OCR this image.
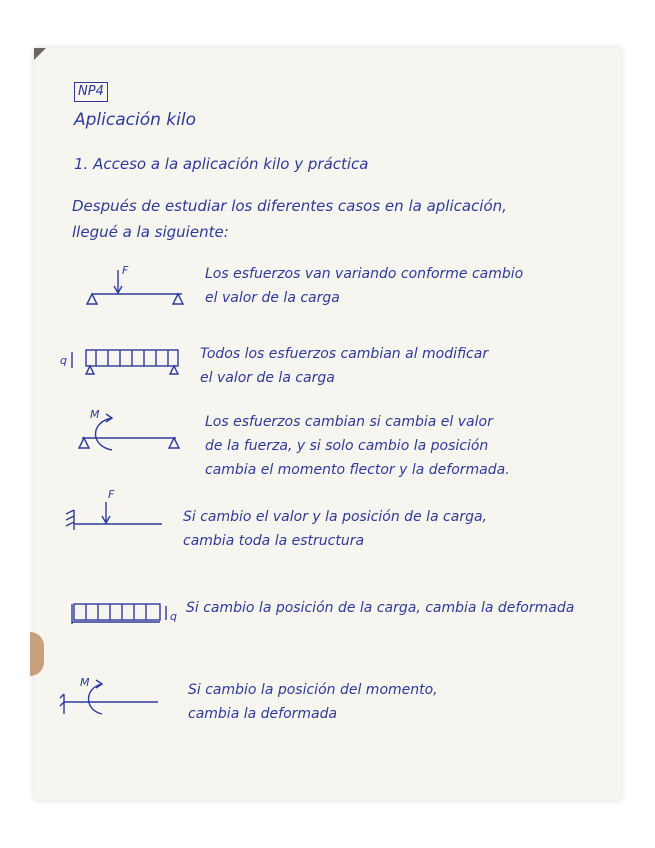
NP4
Aplicación kilo
1. Acceso a la aplicación kilo y práctica
Después de estudiar los diferentes casos en la aplicación,
llegué a la siguiente:
F	Los esfuerzos van variando conforme cambio
el valor de la carga
q	Todos los esfuerzos cambian al modificar
el valor de la carga
M	Los esfuerzos cambian si cambia el valor
de la fuerza, y si solo cambio la posición
cambia el momento flector y la deformada.
F
Si cambio el valor y la posición de la carga,
cambia toda la estructura
q
Si cambio la posición de la carga, cambia la deformada
M	Si cambio la posición del momento,
cambia la deformada
